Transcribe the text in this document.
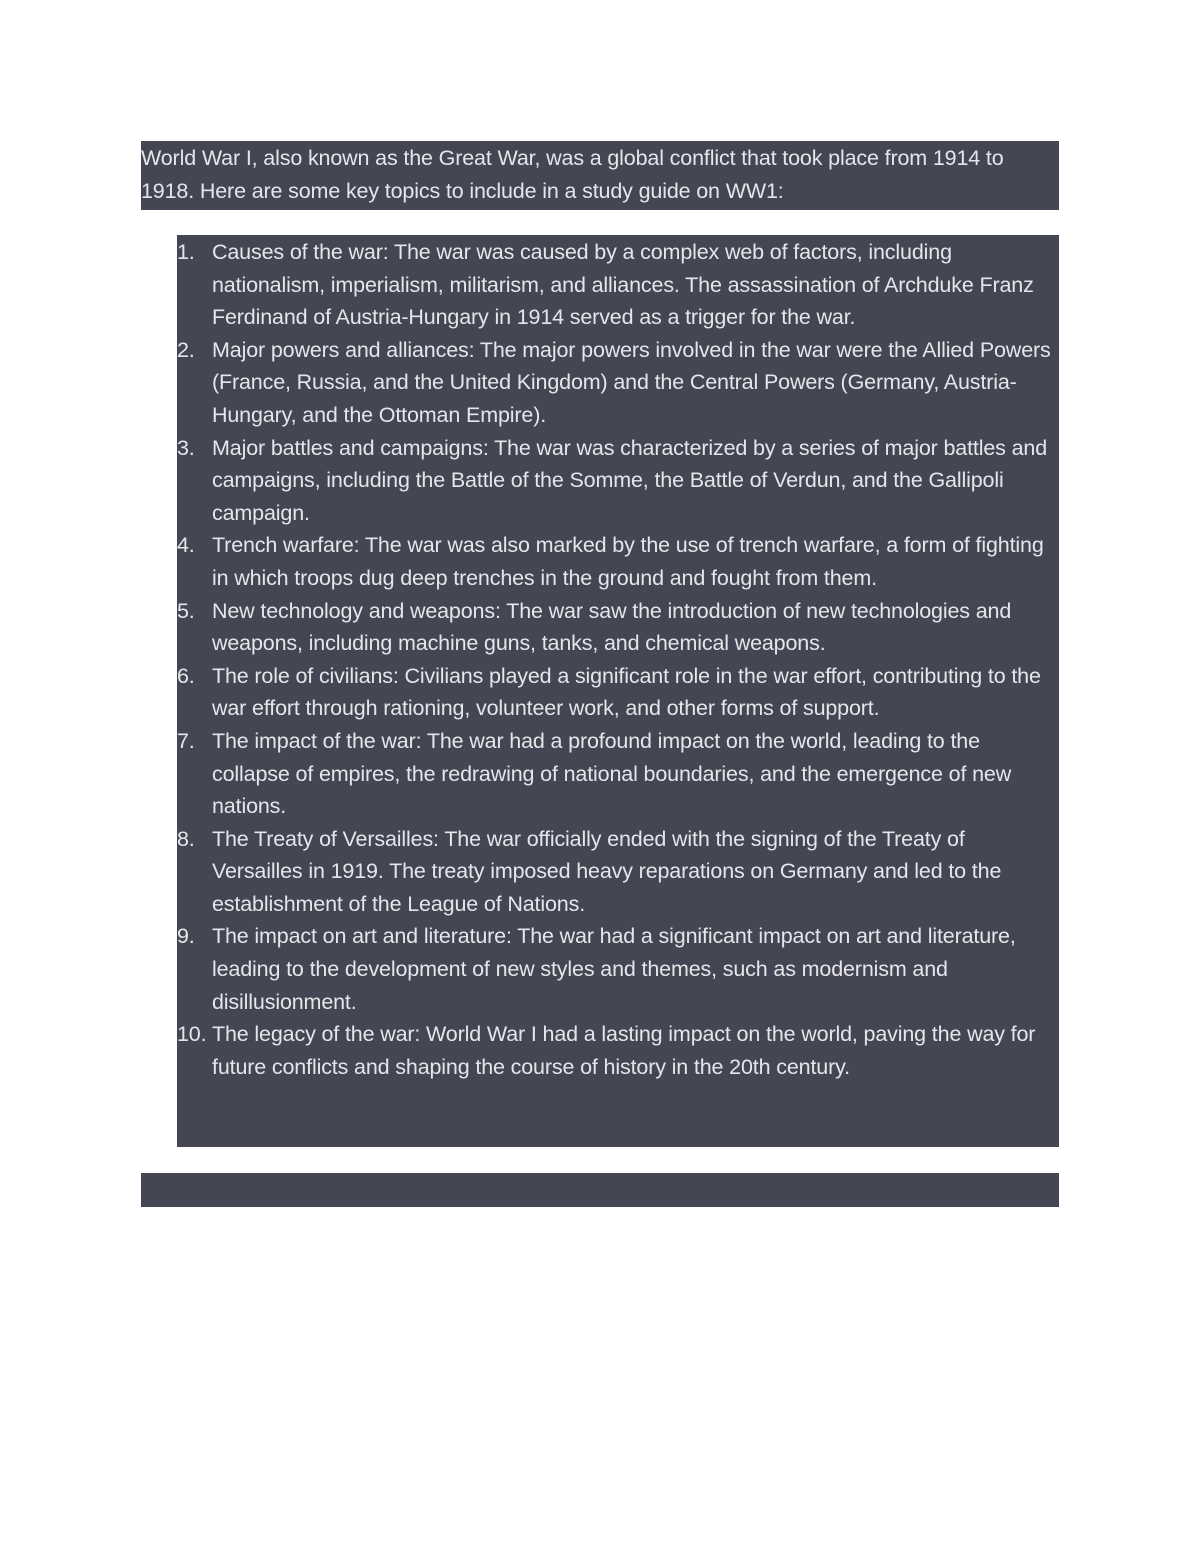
World War I, also known as the Great War, was a global conflict that took place from 1914 to 1918. Here are some key topics to include in a study guide on WW1:
1. Causes of the war: The war was caused by a complex web of factors, including nationalism, imperialism, militarism, and alliances. The assassination of Archduke Franz Ferdinand of Austria-Hungary in 1914 served as a trigger for the war.
2. Major powers and alliances: The major powers involved in the war were the Allied Powers (France, Russia, and the United Kingdom) and the Central Powers (Germany, Austria-Hungary, and the Ottoman Empire).
3. Major battles and campaigns: The war was characterized by a series of major battles and campaigns, including the Battle of the Somme, the Battle of Verdun, and the Gallipoli campaign.
4. Trench warfare: The war was also marked by the use of trench warfare, a form of fighting in which troops dug deep trenches in the ground and fought from them.
5. New technology and weapons: The war saw the introduction of new technologies and weapons, including machine guns, tanks, and chemical weapons.
6. The role of civilians: Civilians played a significant role in the war effort, contributing to the war effort through rationing, volunteer work, and other forms of support.
7. The impact of the war: The war had a profound impact on the world, leading to the collapse of empires, the redrawing of national boundaries, and the emergence of new nations.
8. The Treaty of Versailles: The war officially ended with the signing of the Treaty of Versailles in 1919. The treaty imposed heavy reparations on Germany and led to the establishment of the League of Nations.
9. The impact on art and literature: The war had a significant impact on art and literature, leading to the development of new styles and themes, such as modernism and disillusionment.
10. The legacy of the war: World War I had a lasting impact on the world, paving the way for future conflicts and shaping the course of history in the 20th century.
